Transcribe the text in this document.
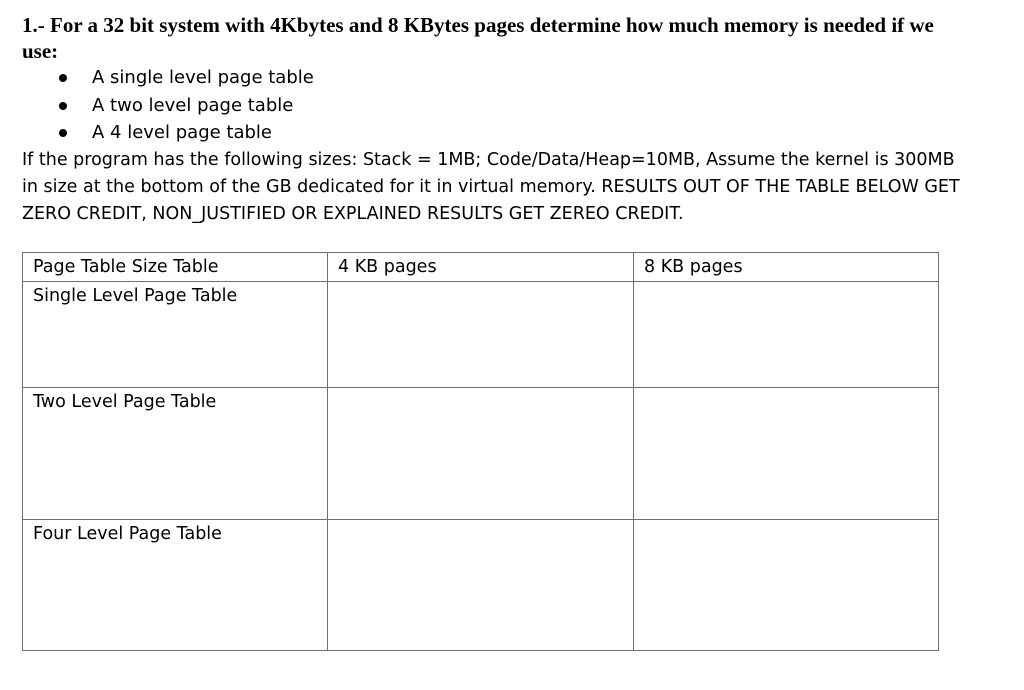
1.- For a 32 bit system with 4Kbytes and 8 KBytes pages determine how much memory is needed if we use:
A single level page table
A two level page table
A 4 level page table
If the program has the following sizes: Stack = 1MB; Code/Data/Heap=10MB, Assume the kernel is 300MB in size at the bottom of the GB dedicated for it in virtual memory. RESULTS OUT OF THE TABLE BELOW GET ZERO CREDIT, NON_JUSTIFIED OR EXPLAINED RESULTS GET ZEREO CREDIT.
Page Table Size Table	4 KB pages	8 KB pages
Single Level Page Table		
Two Level Page Table		
Four Level Page Table		
